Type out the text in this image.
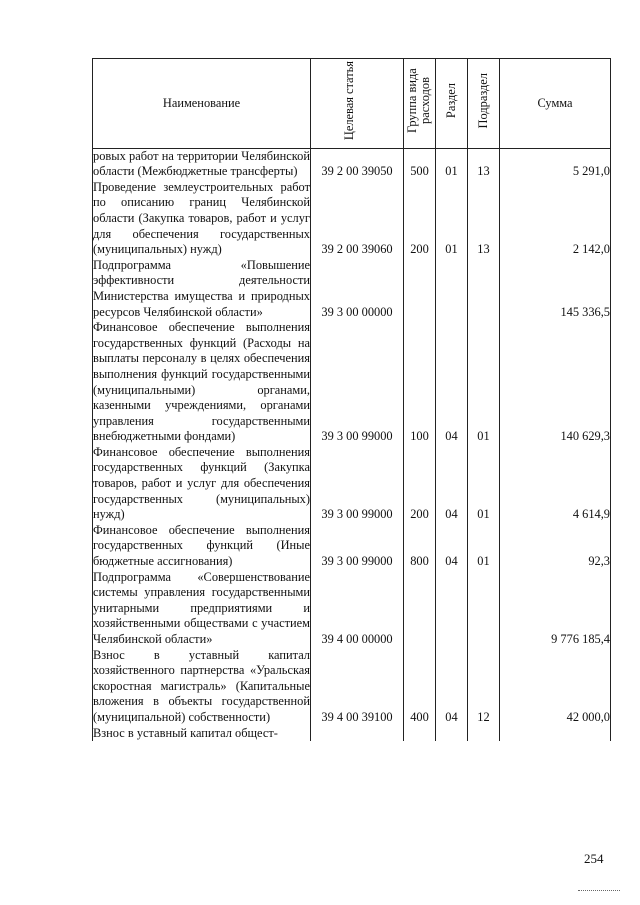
Наименование	Целевая статья	Группа вида расходов	Раздел	Подраздел	Сумма
ровых работ на территории Челябинской области (Межбюджетные трансферты)	39 2 00 39050	500	01	13	5 291,0
Проведение землеустроительных работ по описанию границ Челябинской области (Закупка товаров, работ и услуг для обеспечения государственных (муниципальных) нужд)	39 2 00 39060	200	01	13	2 142,0
Подпрограмма «Повышение эффективности деятельности Министерства имущества и природных ресурсов Челябинской области»	39 3 00 00000				145 336,5
Финансовое обеспечение выполнения государственных функций (Расходы на выплаты персоналу в целях обеспечения выполнения функций государственными (муниципальными) органами, казенными учреждениями, органами управления государственными внебюджетными фондами)	39 3 00 99000	100	04	01	140 629,3
Финансовое обеспечение выполнения государственных функций (Закупка товаров, работ и услуг для обеспечения государственных (муниципальных) нужд)	39 3 00 99000	200	04	01	4 614,9
Финансовое обеспечение выполнения государственных функций (Иные бюджетные ассигнования)	39 3 00 99000	800	04	01	92,3
Подпрограмма «Совершенствование системы управления государственными унитарными предприятиями и хозяйственными обществами с участием Челябинской области»	39 4 00 00000				9 776 185,4
Взнос в уставный капитал хозяйственного партнерства «Уральская скоростная магистраль» (Капитальные вложения в объекты государственной (муниципальной) собственности)	39 4 00 39100	400	04	12	42 000,0
Взнос в уставный капитал общест-					
254
